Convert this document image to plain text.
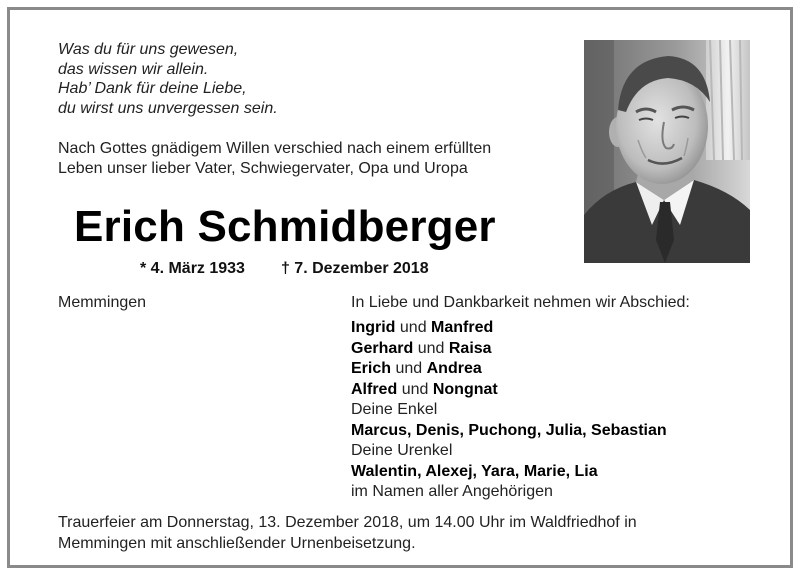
Was du für uns gewesen,
das wissen wir allein.
Hab’ Dank für deine Liebe,
du wirst uns unvergessen sein.
Nach Gottes gnädigem Willen verschied nach einem erfüllten
Leben unser lieber Vater, Schwiegervater, Opa und Uropa
Erich Schmidberger
* 4. März 1933 † 7. Dezember 2018
Memmingen	In Liebe und Dankbarkeit nehmen wir Abschied:
Ingrid und Manfred
Gerhard und Raisa
Erich und Andrea
Alfred und Nongnat
Deine Enkel
Marcus, Denis, Puchong, Julia, Sebastian
Deine Urenkel
Walentin, Alexej, Yara, Marie, Lia
im Namen aller Angehörigen
Trauerfeier am Donnerstag, 13. Dezember 2018, um 14.00 Uhr im Waldfriedhof in
Memmingen mit anschließender Urnenbeisetzung.
